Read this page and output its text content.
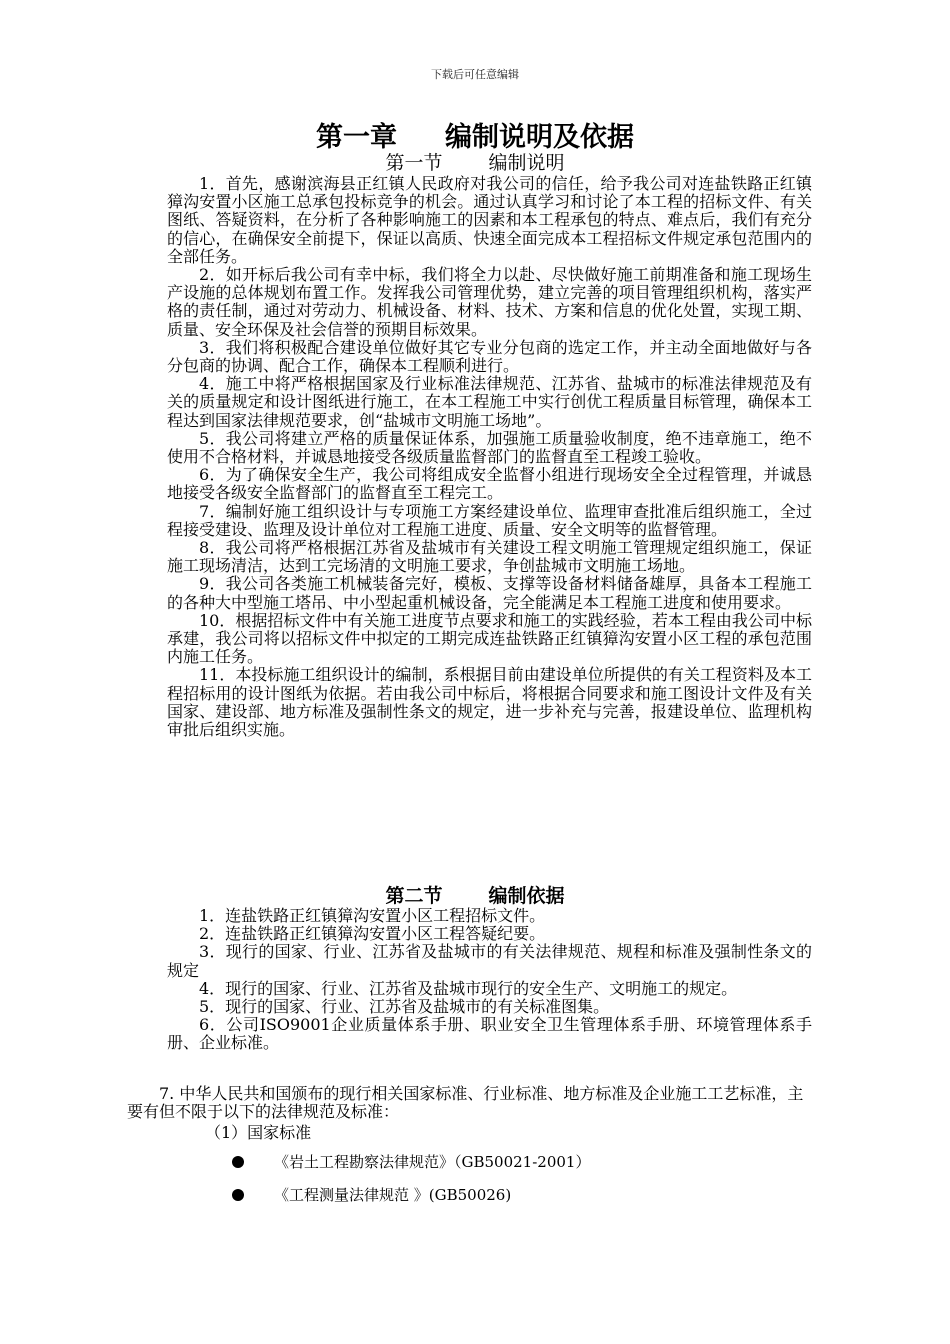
下载后可任意编辑
第一章 编制说明及依据
第一节 编制说明

1．首先，感谢滨海县正红镇人民政府对我公司的信任，给予我公司对连盐铁路正红镇獐沟安置小区施工总承包投标竞争的机会。通过认真学习和讨论了本工程的招标文件、有关图纸、答疑资料，在分析了各种影响施工的因素和本工程承包的特点、难点后，我们有充分的信心，在确保安全前提下，保证以高质、快速全面完成本工程招标文件规定承包范围内的全部任务。

2．如开标后我公司有幸中标，我们将全力以赴、尽快做好施工前期准备和施工现场生产设施的总体规划布置工作。发挥我公司管理优势，建立完善的项目管理组织机构，落实严格的责任制，通过对劳动力、机械设备、材料、技术、方案和信息的优化处置，实现工期、质量、安全环保及社会信誉的预期目标效果。

3．我们将积极配合建设单位做好其它专业分包商的选定工作，并主动全面地做好与各分包商的协调、配合工作，确保本工程顺利进行。

4．施工中将严格根据国家及行业标准法律规范、江苏省、盐城市的标准法律规范及有关的质量规定和设计图纸进行施工，在本工程施工中实行创优工程质量目标管理，确保本工程达到国家法律规范要求，创“盐城市文明施工场地”。

5．我公司将建立严格的质量保证体系，加强施工质量验收制度，绝不违章施工，绝不使用不合格材料，并诚恳地接受各级质量监督部门的监督直至工程竣工验收。

6．为了确保安全生产，我公司将组成安全监督小组进行现场安全全过程管理，并诚恳地接受各级安全监督部门的监督直至工程完工。

7．编制好施工组织设计与专项施工方案经建设单位、监理审查批准后组织施工，全过程接受建设、监理及设计单位对工程施工进度、质量、安全文明等的监督管理。

8．我公司将严格根据江苏省及盐城市有关建设工程文明施工管理规定组织施工，保证施工现场清洁，达到工完场清的文明施工要求，争创盐城市文明施工场地。

9．我公司各类施工机械装备完好，模板、支撑等设备材料储备雄厚，具备本工程施工的各种大中型施工塔吊、中小型起重机械设备，完全能满足本工程施工进度和使用要求。

10．根据招标文件中有关施工进度节点要求和施工的实践经验，若本工程由我公司中标承建，我公司将以招标文件中拟定的工期完成连盐铁路正红镇獐沟安置小区工程的承包范围内施工任务。

11．本投标施工组织设计的编制，系根据目前由建设单位所提供的有关工程资料及本工程招标用的设计图纸为依据。若由我公司中标后，将根据合同要求和施工图设计文件及有关国家、建设部、地方标准及强制性条文的规定，进一步补充与完善，报建设单位、监理机构审批后组织实施。

第二节 编制依据

1．连盐铁路正红镇獐沟安置小区工程招标文件。

2．连盐铁路正红镇獐沟安置小区工程答疑纪要。

3．现行的国家、行业、江苏省及盐城市的有关法律规范、规程和标准及强制性条文的规定

4．现行的国家、行业、江苏省及盐城市现行的安全生产、文明施工的规定。

5．现行的国家、行业、江苏省及盐城市的有关标准图集。

6．公司ISO9001企业质量体系手册、职业安全卫生管理体系手册、环境管理体系手册、企业标准。

7. 中华人民共和国颁布的现行相关国家标准、行业标准、地方标准及企业施工工艺标准，主要有但不限于以下的法律规范及标准：

（1）国家标准
《岩土工程勘察法律规范》（GB50021-2001）
《工程测量法律规范 》(GB50026)
